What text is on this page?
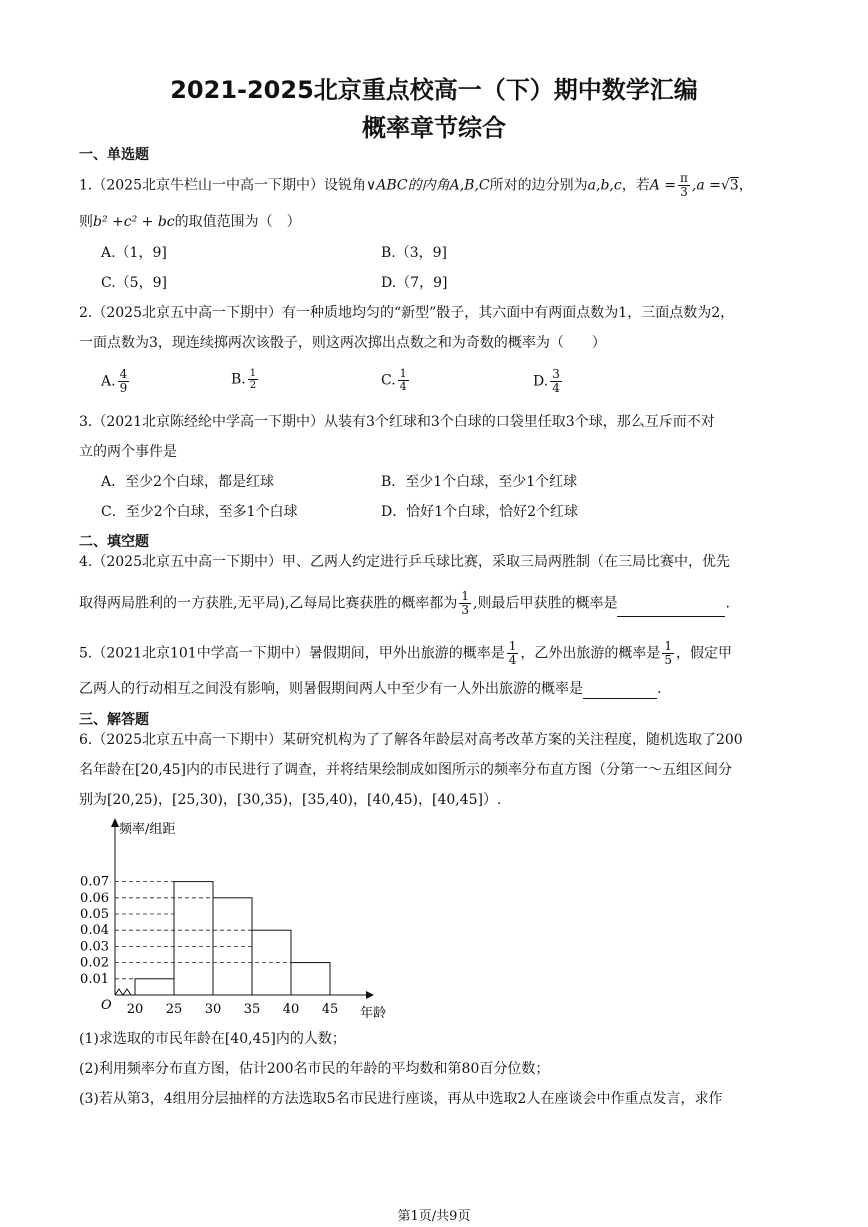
2021-2025北京重点校高一（下）期中数学汇编
概率章节综合
一、单选题
1.（2025北京牛栏山一中高一下期中）设锐角∨ABC的内角A,B,C所对的边分别为a,b,c，若$A = \frac{\pi}{3} ,a =√3$，
则b² +c² + bc的取值范围为（　）
A.（1，9]	B.（3，9]
C.（5，9]	D.（7，9]
2.（2025北京五中高一下期中）有一种质地均匀的“新型”骰子，其六面中有两面点数为1，三面点数为2，
一面点数为3，现连续掷两次该骰子，则这两次掷出点数之和为奇数的概率为（　　）
A. $\frac{4}{9}$	B. $\frac{1}{2}$	C. $\frac{1}{4}$	D. $\frac{3}{4}$
3.（2021北京陈经纶中学高一下期中）从装有3个红球和3个白球的口袋里任取3个球，那么互斥而不对
立的两个事件是
A．至少2个白球，都是红球	B．至少1个白球，至少1个红球
C．至少2个白球，至多1个白球	D．恰好1个白球，恰好2个红球
二、填空题
4.（2025北京五中高一下期中）甲、乙两人约定进行乒乓球比赛，采取三局两胜制（在三局比赛中，优先
取得两局胜利的一方获胜,无平局),乙每局比赛获胜的概率都为 $\frac{1}{3}$ ,则最后甲获胜的概率是	.
5.（2021北京101中学高一下期中）暑假期间，甲外出旅游的概率是 $\frac{1}{4}$ ，乙外出旅游的概率是 $\frac{1}{5}$ ，假定甲
乙两人的行动相互之间没有影响，则暑假期间两人中至少有一人外出旅游的概率是	.
三、解答题
6.（2025北京五中高一下期中）某研究机构为了了解各年龄层对高考改革方案的关注程度，随机选取了200
名年龄在[20,45]内的市民进行了调查，并将结果绘制成如图所示的频率分布直方图（分第一～五组区间分
别为[20,25)，[25,30)，[30,35)，[35,40)，[40,45)，[40,45]）.
0.01
0.02
0.03
0.04
0.05
0.06
0.07
20 25 30 35 40 45
O
频率/组距
年龄
(1)求选取的市民年龄在[40,45]内的人数；
(2)利用频率分布直方图，估计200名市民的年龄的平均数和第80百分位数；
(3)若从第3，4组用分层抽样的方法选取5名市民进行座谈，再从中选取2人在座谈会中作重点发言，求作
第1页/共9页
